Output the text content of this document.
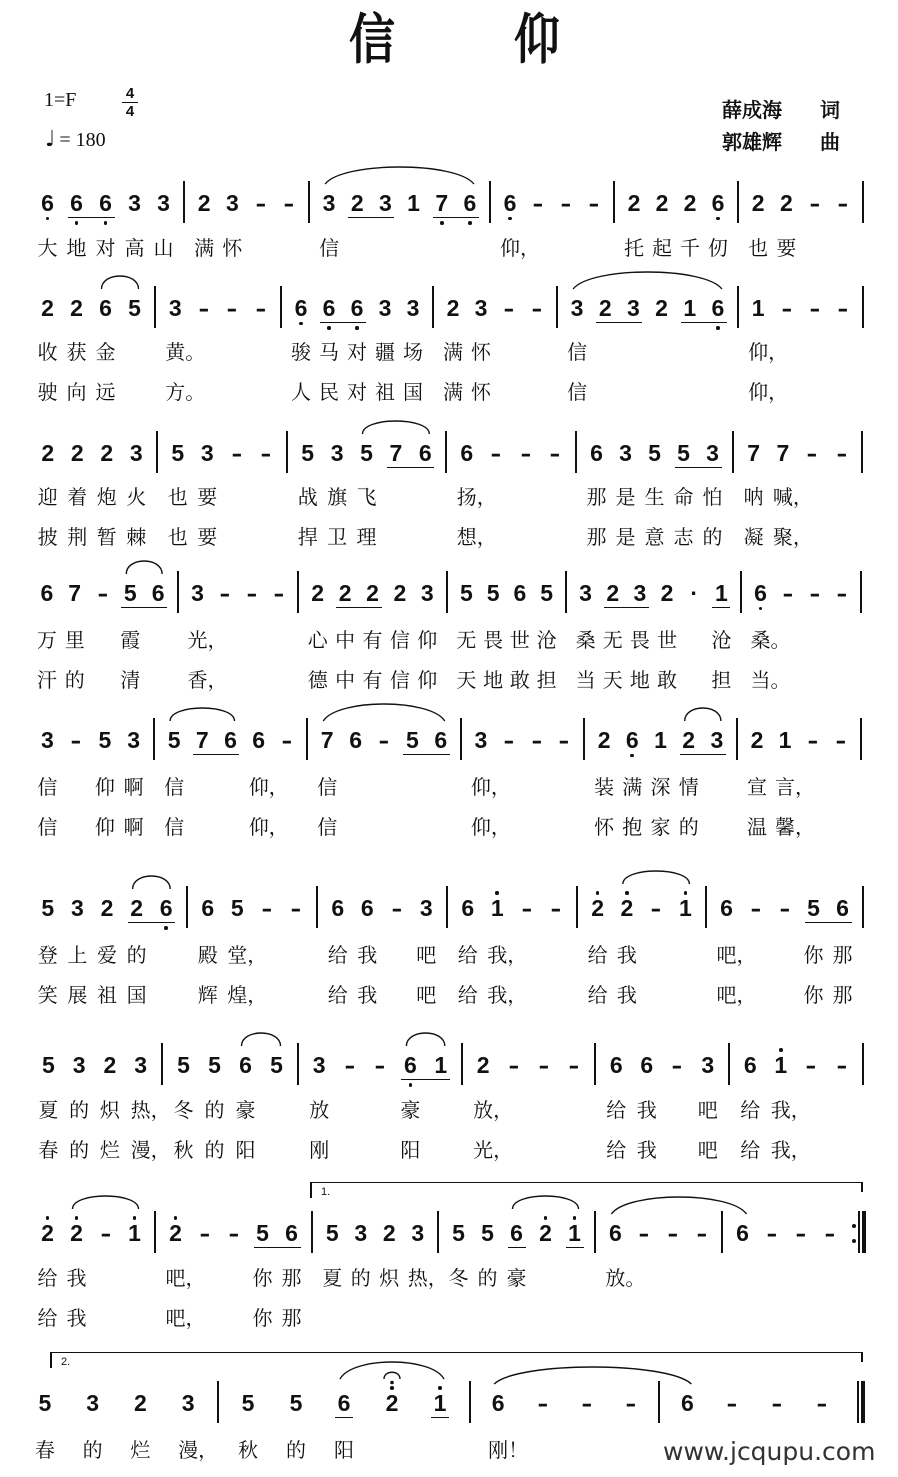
信仰
1=F	4
4
♩ = 180
薛成海 词
郭雄辉 曲
6
大
6
地
6
对
3
高
3
山
2
满
3
怀
- -	3
信
2 3 1 7 6	6
仰，
- - -	2
托
2
起
2
千
6
仞
2
也
2
要
- -
2
收
驶
2
获
向
6
金
远
5	3
黄。
方。
- - -	6
骏
人
6
马
民
6
对
对
3
疆
祖
3
场
国
2
满
满
3
怀
怀
- -	3
信
信
2 3 2 1 6	1
仰，
仰，
- - -
2
迎
披
2
着
荆
2
炮
暂
3
火
棘
5
也
也
3
要
要
- -	5
战
捍
3
旗
卫
5
飞
理
7 6	6
扬，
想，
- - -	6
那
那
3
是
是
5
生
意
5
命
志
3
怕
的
7
呐
凝
7
喊，
聚，
- -
6
万
汗
7
里
的
- 5
霞
清
6	3
光，
香，
- - -	2
心
德
2
中
中
2
有
有
2
信
信
3
仰
仰
5
无
天
5
畏
地
6
世
敢
5
沧
担
3
桑
当
2
无
天
3
畏
地
2
世
敢
· 1
沧
担
6
桑。
当。
- - -
3
信
信
- 5
仰
仰
3
啊
啊
5
信
信
7 6 6
仰，
仰，
-	7
信
信
6 - 5 6	3
仰，
仰，
- - -	2
装
怀
6
满
抱
1
深
家
2
情
的
3	2
宣
温
1
言，
馨，
- -
5
登
笑
3
上
展
2
爱
祖
2
的
国
6	6
殿
辉
5
堂，
煌，
- -	6
给
给
6
我
我
- 3
吧
吧
6
给
给
1
我，
我，
- -	2
给
给
2
我
我
- 1	6
吧，
吧，
- - 5
你
你
6
那
那
5
夏
春
3
的
的
2
炽
烂
3
热，
漫，
5
冬
秋
5
的
的
6
豪
阳
5	3
放
刚
- - 6
豪
阳
1	2
放，
光，
- - -	6
给
给
6
我
我
- 3
吧
吧
6
给
给
1
我，
我，
- -
2
给
给
2
我
我
- 1	2
吧，
吧，
- - 5
你
你
6
那
那
5
夏
3
的
2
炽
3
热，
5
冬
5
的
6
豪
2 1	6
放。
- - -	6 - - -
5
春
3
的
2
烂
3
漫，
5
秋
5
的
6
阳
2	1	6
刚！
-	-	-	6	-	-	-
1.
2.
www.jcqupu.com
